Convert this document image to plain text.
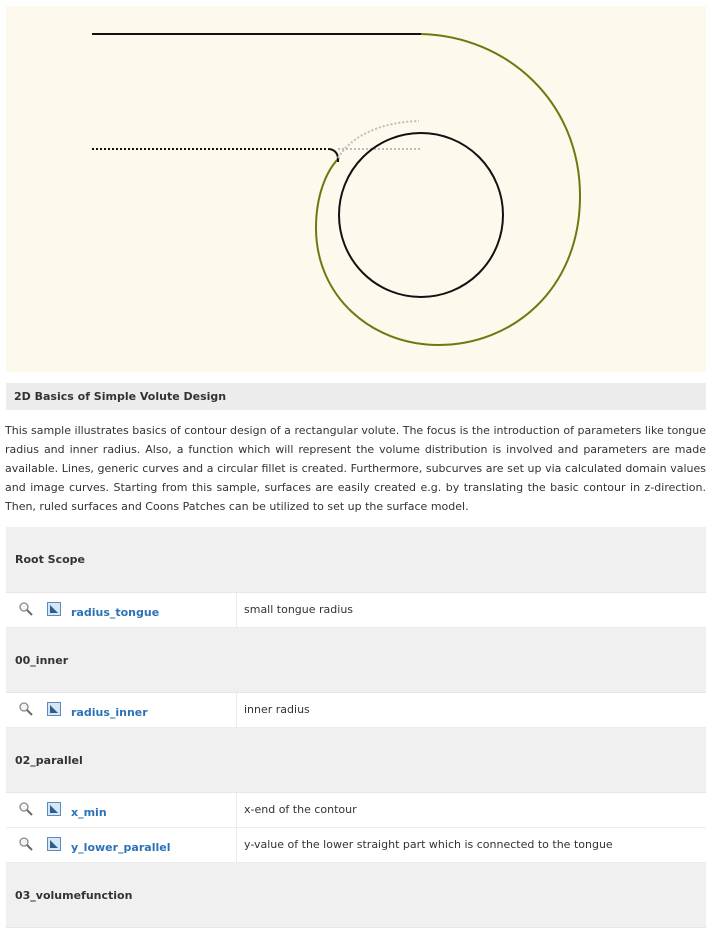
2D Basics of Simple Volute Design

This sample illustrates basics of contour design of a rectangular volute. The focus is the introduction of parameters like tongue radius and inner radius. Also, a function which will represent the volume distribution is involved and parameters are made available. Lines, generic curves and a circular fillet is created. Furthermore, subcurves are set up via calculated domain values and image curves. Starting from this sample, surfaces are easily created e.g. by translating the basic contour in z-direction. Then, ruled surfaces and Coons Patches can be utilized to set up the surface model.

Root Scope
radius_tongue	small tongue radius
00_inner
radius_inner	inner radius
02_parallel
x_min	x-end of the contour
y_lower_parallel	y-value of the lower straight part which is connected to the tongue
03_volumefunction
